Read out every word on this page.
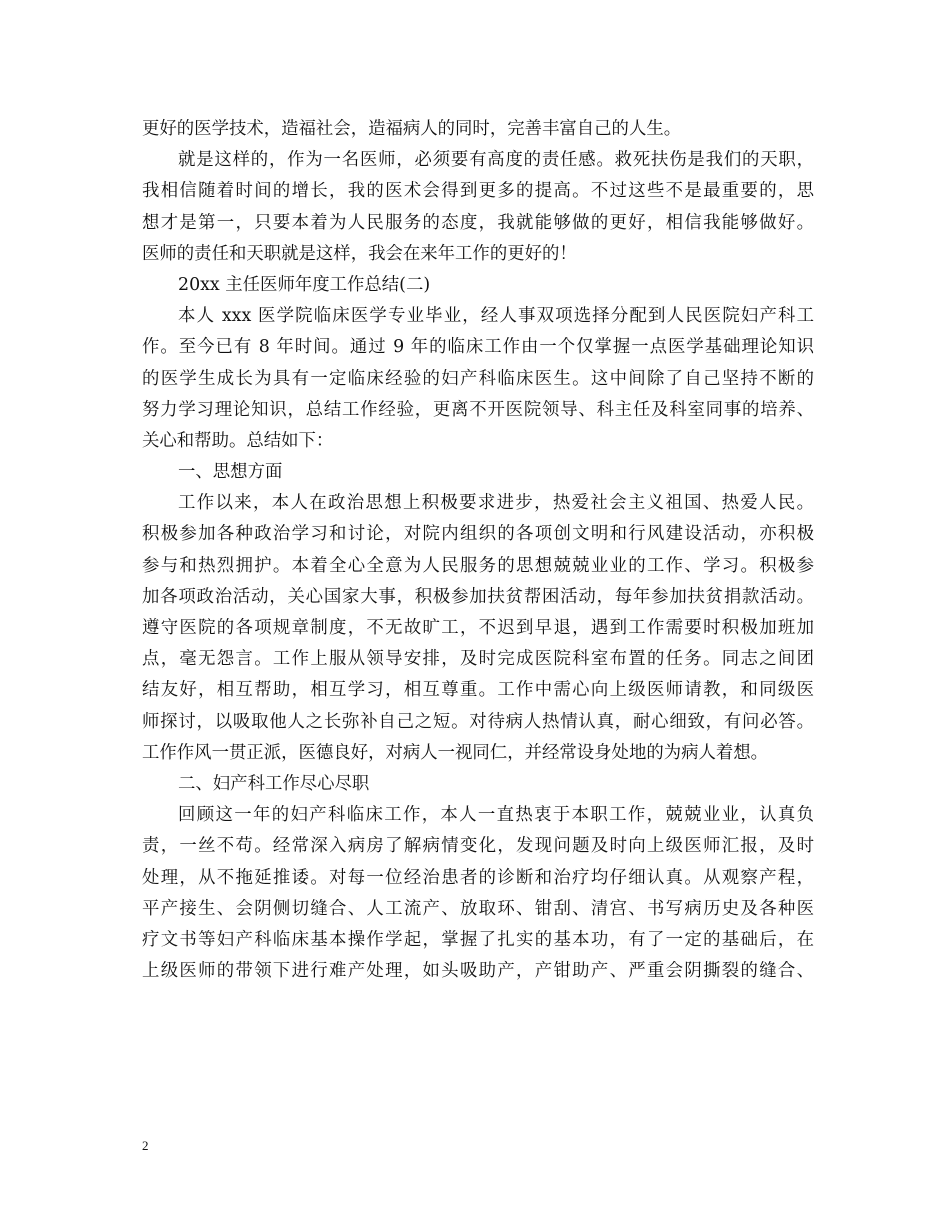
更好的医学技术，造福社会，造福病人的同时，完善丰富自己的人生。
就是这样的，作为一名医师，必须要有高度的责任感。救死扶伤是我们的天职，
我相信随着时间的增长，我的医术会得到更多的提高。不过这些不是最重要的，思
想才是第一，只要本着为人民服务的态度，我就能够做的更好，相信我能够做好。
医师的责任和天职就是这样，我会在来年工作的更好的！
20xx 主任医师年度工作总结(二)
本人 xxx 医学院临床医学专业毕业，经人事双项选择分配到人民医院妇产科工
作。至今已有 8 年时间。通过 9 年的临床工作由一个仅掌握一点医学基础理论知识
的医学生成长为具有一定临床经验的妇产科临床医生。这中间除了自己坚持不断的
努力学习理论知识，总结工作经验，更离不开医院领导、科主任及科室同事的培养、
关心和帮助。总结如下：
一、思想方面
工作以来，本人在政治思想上积极要求进步，热爱社会主义祖国、热爱人民。
积极参加各种政治学习和讨论，对院内组织的各项创文明和行风建设活动，亦积极
参与和热烈拥护。本着全心全意为人民服务的思想兢兢业业的工作、学习。积极参
加各项政治活动，关心国家大事，积极参加扶贫帮困活动，每年参加扶贫捐款活动。
遵守医院的各项规章制度，不无故旷工，不迟到早退，遇到工作需要时积极加班加
点，毫无怨言。工作上服从领导安排，及时完成医院科室布置的任务。同志之间团
结友好，相互帮助，相互学习，相互尊重。工作中需心向上级医师请教，和同级医
师探讨，以吸取他人之长弥补自己之短。对待病人热情认真，耐心细致，有问必答。
工作作风一贯正派，医德良好，对病人一视同仁，并经常设身处地的为病人着想。
二、妇产科工作尽心尽职
回顾这一年的妇产科临床工作，本人一直热衷于本职工作，兢兢业业，认真负
责，一丝不苟。经常深入病房了解病情变化，发现问题及时向上级医师汇报，及时
处理，从不拖延推诿。对每一位经治患者的诊断和治疗均仔细认真。从观察产程，
平产接生、会阴侧切缝合、人工流产、放取环、钳刮、清宫、书写病历史及各种医
疗文书等妇产科临床基本操作学起，掌握了扎实的基本功，有了一定的基础后，在
上级医师的带领下进行难产处理，如头吸助产，产钳助产、严重会阴撕裂的缝合、
2
